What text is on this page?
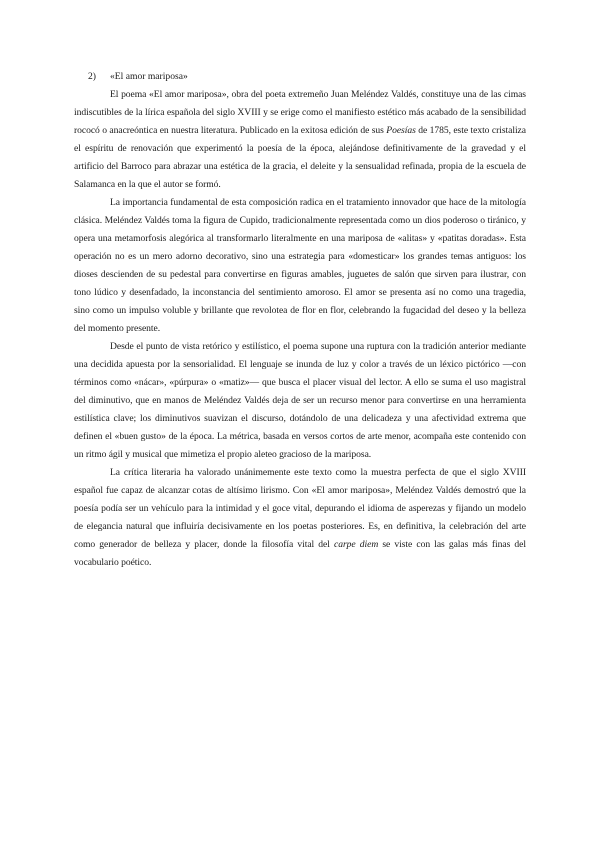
2) «El amor mariposa»

El poema «El amor mariposa», obra del poeta extremeño Juan Meléndez Valdés, constituye una de las cimas indiscutibles de la lírica española del siglo XVIII y se erige como el manifiesto estético más acabado de la sensibilidad rococó o anacreóntica en nuestra literatura. Publicado en la exitosa edición de sus Poesías de 1785, este texto cristaliza el espíritu de renovación que experimentó la poesía de la época, alejándose definitivamente de la gravedad y el artificio del Barroco para abrazar una estética de la gracia, el deleite y la sensualidad refinada, propia de la escuela de Salamanca en la que el autor se formó.

La importancia fundamental de esta composición radica en el tratamiento innovador que hace de la mitología clásica. Meléndez Valdés toma la figura de Cupido, tradicionalmente representada como un dios poderoso o tiránico, y opera una metamorfosis alegórica al transformarlo literalmente en una mariposa de «alitas» y «patitas doradas». Esta operación no es un mero adorno decorativo, sino una estrategia para «domesticar» los grandes temas antiguos: los dioses descienden de su pedestal para convertirse en figuras amables, juguetes de salón que sirven para ilustrar, con tono lúdico y desenfadado, la inconstancia del sentimiento amoroso. El amor se presenta así no como una tragedia, sino como un impulso voluble y brillante que revolotea de flor en flor, celebrando la fugacidad del deseo y la belleza del momento presente.

Desde el punto de vista retórico y estilístico, el poema supone una ruptura con la tradición anterior mediante una decidida apuesta por la sensorialidad. El lenguaje se inunda de luz y color a través de un léxico pictórico —con términos como «nácar», «púrpura» o «matiz»— que busca el placer visual del lector. A ello se suma el uso magistral del diminutivo, que en manos de Meléndez Valdés deja de ser un recurso menor para convertirse en una herramienta estilística clave; los diminutivos suavizan el discurso, dotándolo de una delicadeza y una afectividad extrema que definen el «buen gusto» de la época. La métrica, basada en versos cortos de arte menor, acompaña este contenido con un ritmo ágil y musical que mimetiza el propio aleteo gracioso de la mariposa.

La crítica literaria ha valorado unánimemente este texto como la muestra perfecta de que el siglo XVIII español fue capaz de alcanzar cotas de altísimo lirismo. Con «El amor mariposa», Meléndez Valdés demostró que la poesía podía ser un vehículo para la intimidad y el goce vital, depurando el idioma de asperezas y fijando un modelo de elegancia natural que influiría decisivamente en los poetas posteriores. Es, en definitiva, la celebración del arte como generador de belleza y placer, donde la filosofía vital del carpe diem se viste con las galas más finas del vocabulario poético.
